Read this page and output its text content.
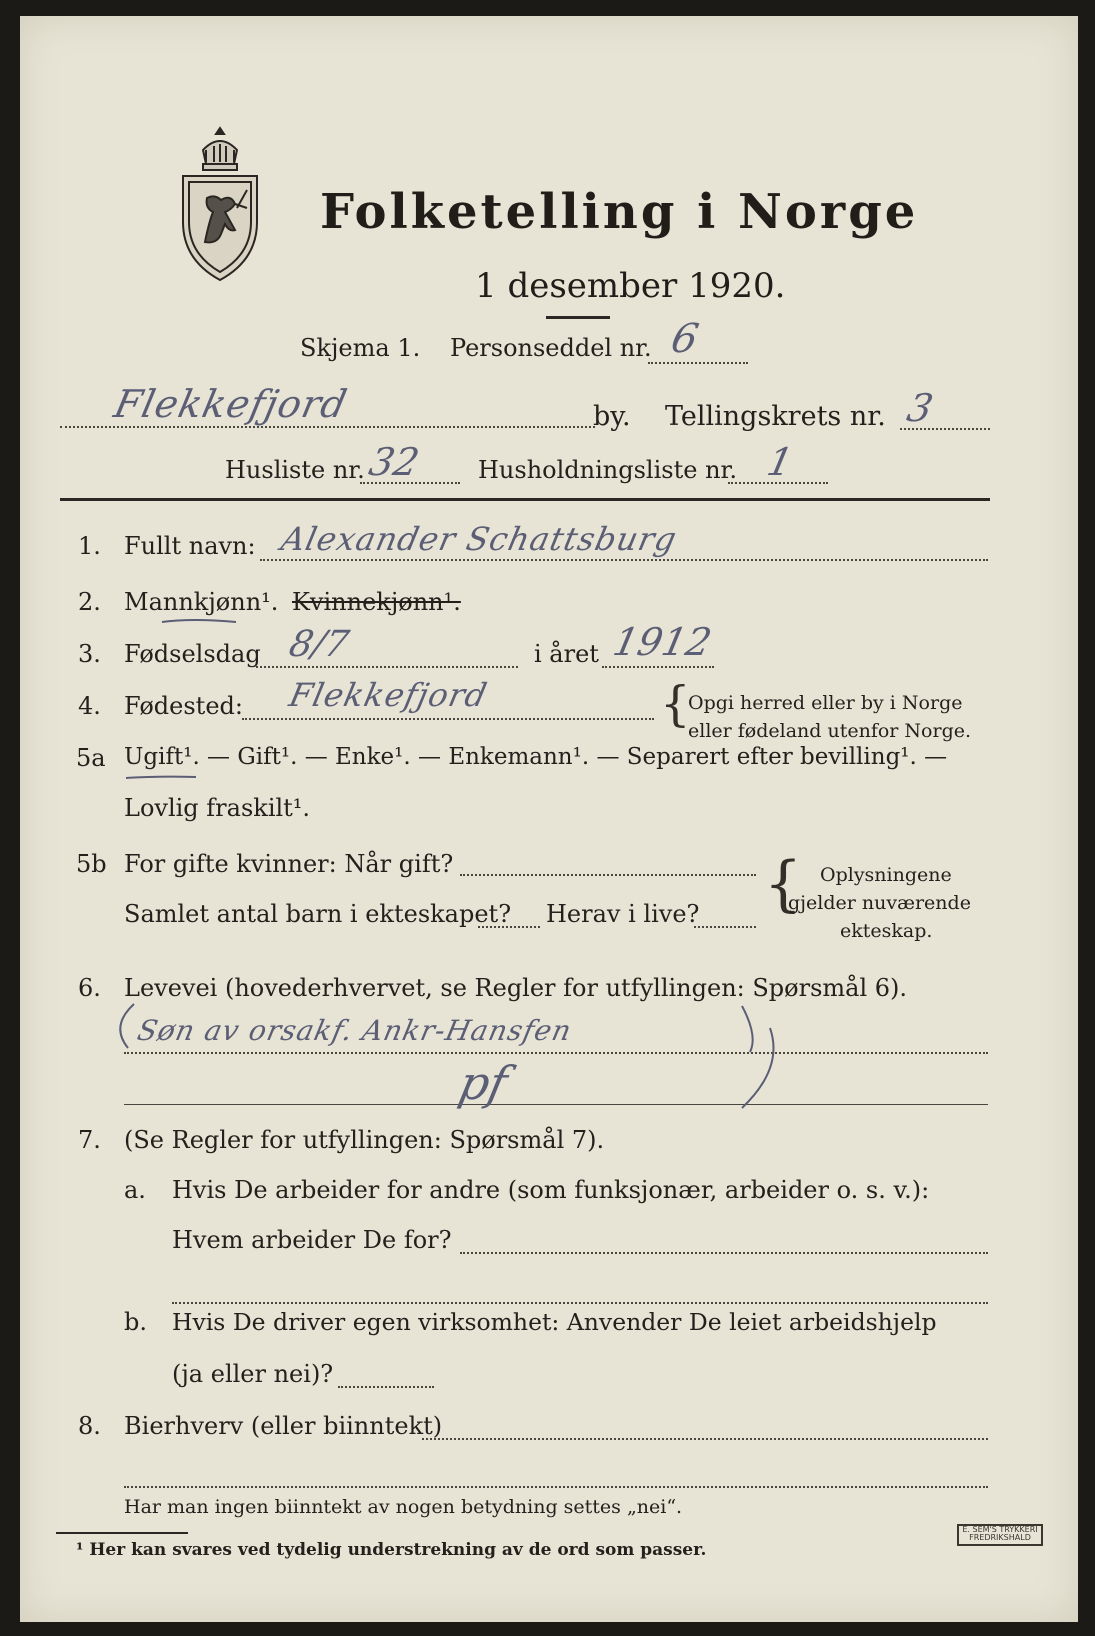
Folketelling i Norge
1 desember 1920.
Skjema 1. Personseddel nr. 6
Flekkefjord	by. Tellingskrets nr. 3
Husliste nr. 32 Husholdningsliste nr. 1
1. Fullt navn: Alexander Schattsburg
2. Mannkjønn¹. Kvinnekjønn¹.
3. Fødselsdag 8/7	i året 1912
4. Fødested: Flekkefjord	{
Opgi herred eller by i Norge
eller fødeland utenfor Norge.
5a Ugift¹. — Gift¹. — Enke¹. — Enkemann¹. — Separert efter bevilling¹. —
Lovlig fraskilt¹.
5b For gifte kvinner: Når gift?
Samlet antal barn i ekteskapet? Herav i live? { Oplysningene
gjelder nuværende
ekteskap.
6. Levevei (hovederhvervet, se Regler for utfyllingen: Spørsmål 6).
Søn av orsakf. Ankr-Hansfen
pf
7. (Se Regler for utfyllingen: Spørsmål 7).
a. Hvis De arbeider for andre (som funksjonær, arbeider o. s. v.):
Hvem arbeider De for?
b. Hvis De driver egen virksomhet: Anvender De leiet arbeidshjelp
(ja eller nei)?
8. Bierhverv (eller biinntekt)
Har man ingen biinntekt av nogen betydning settes „nei“.
¹ Her kan svares ved tydelig understrekning av de ord som passer.
E. SEM'S TRYKKERI FREDRIKSHALD
